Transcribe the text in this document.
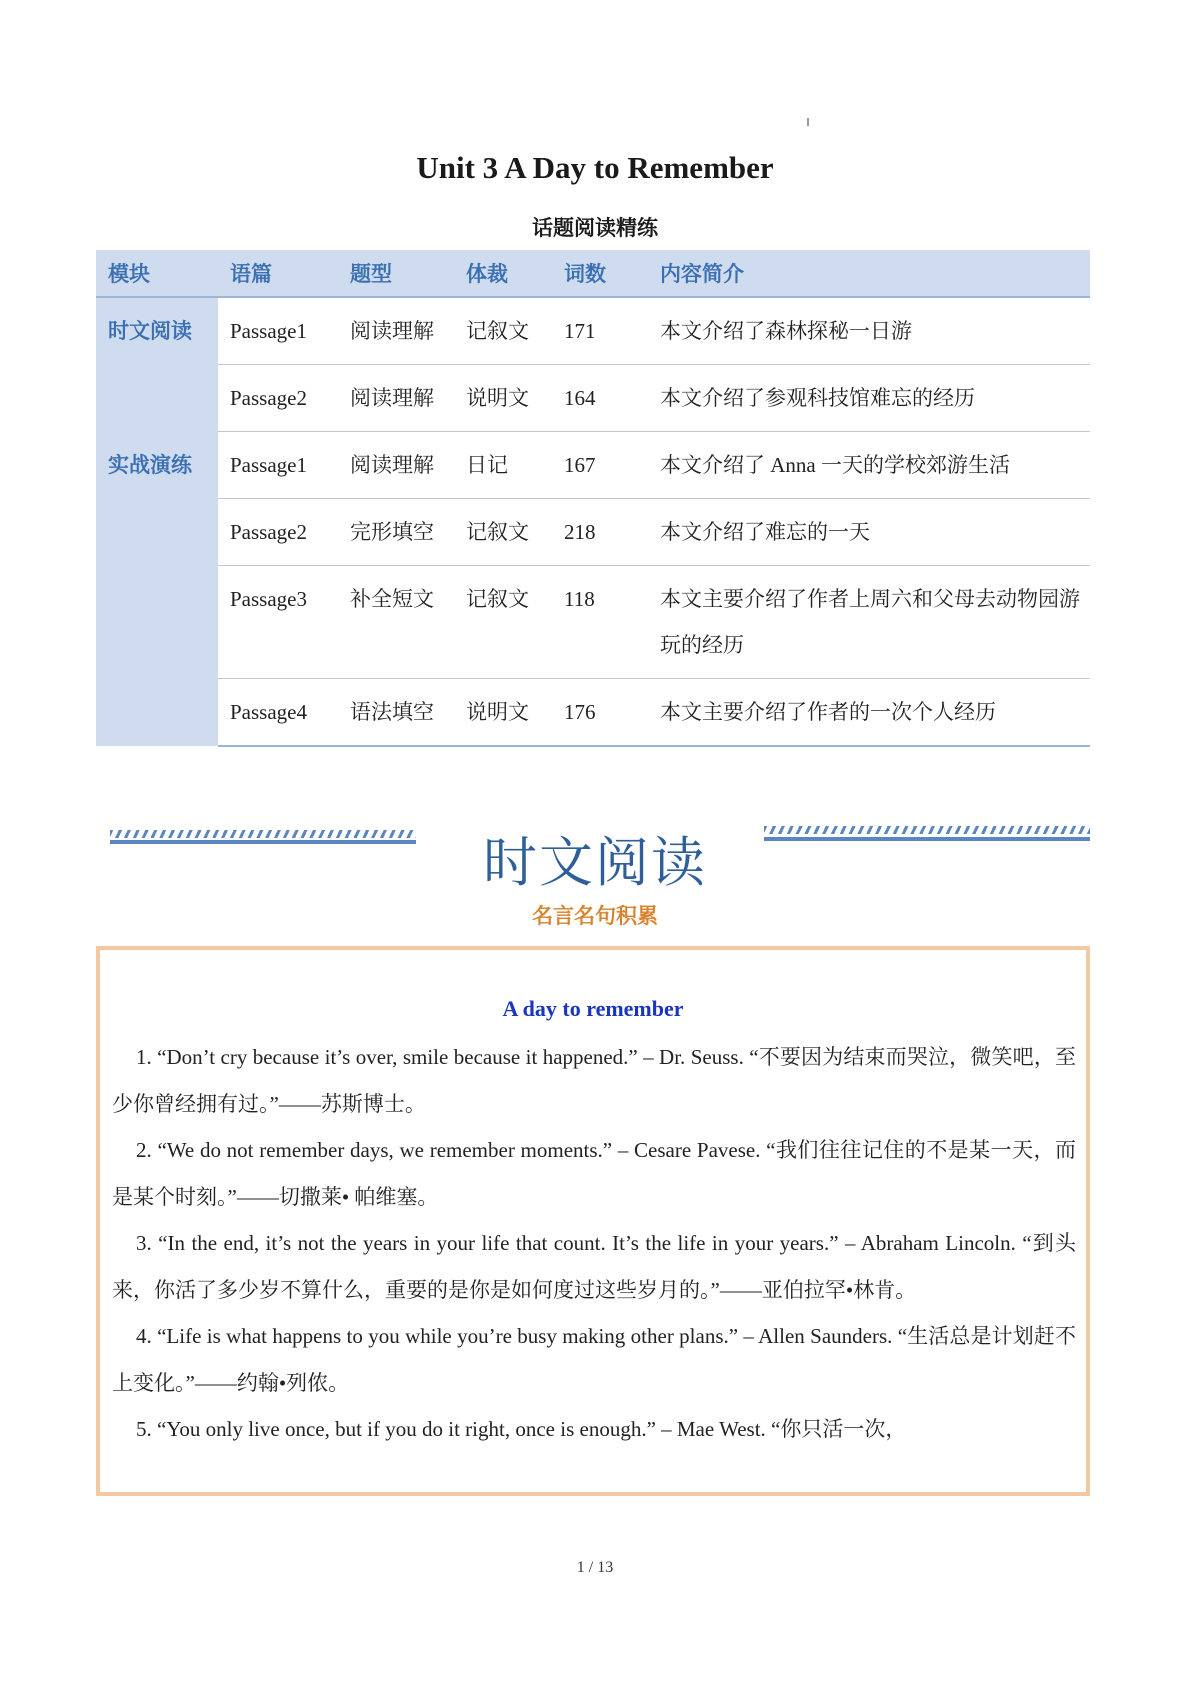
Unit 3 A Day to Remember
话题阅读精练
模块	语篇	题型	体裁	词数	内容简介

时文阅读	Passage1	阅读理解	记叙文	171	本文介绍了森林探秘一日游

	Passage2	阅读理解	说明文	164	本文介绍了参观科技馆难忘的经历

实战演练	Passage1	阅读理解	日记	167	本文介绍了 Anna 一天的学校郊游生活

	Passage2	完形填空	记叙文	218	本文介绍了难忘的一天

	Passage3	补全短文	记叙文	118	本文主要介绍了作者上周六和父母去动物园游玩的经历

	Passage4	语法填空	说明文	176	本文主要介绍了作者的一次个人经历
时文阅读
名言名句积累
A day to remember

1. “Don’t cry because it’s over, smile because it happened.” – Dr. Seuss. “不要因为结束而哭泣，微笑吧，至少你曾经拥有过。”——苏斯博士。

2. “We do not remember days, we remember moments.” – Cesare Pavese. “我们往往记住的不是某一天，而是某个时刻。”——切撒莱• 帕维塞。

3. “In the end, it’s not the years in your life that count. It’s the life in your years.” – Abraham Lincoln. “到头来，你活了多少岁不算什么，重要的是你是如何度过这些岁月的。”——亚伯拉罕•林肯。

4. “Life is what happens to you while you’re busy making other plans.” – Allen Saunders. “生活总是计划赶不上变化。”——约翰•列侬。

5. “You only live once, but if you do it right, once is enough.” – Mae West. “你只活一次，

1 / 13
